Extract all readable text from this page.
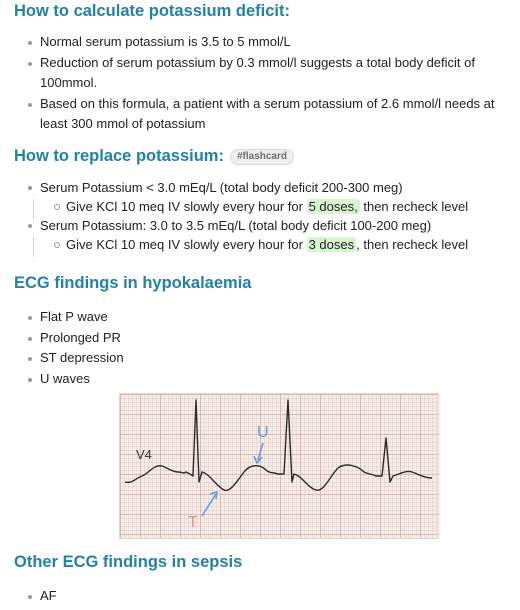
How to calculate potassium deficit:
Normal serum potassium is 3.5 to 5 mmol/L
Reduction of serum potassium by 0.3 mmol/l suggests a total body deficit of 100mmol.
Based on this formula, a patient with a serum potassium of 2.6 mmol/l needs at least 300 mmol of potassium
How to replace potassium: #flashcard
Serum Potassium < 3.0 mEq/L (total body deficit 200-300 meg)
Give KCl 10 meq IV slowly every hour for 5 doses, then recheck level
Serum Potassium: 3.0 to 3.5 mEq/L (total body deficit 100-200 meg)
Give KCl 10 meq IV slowly every hour for 3 doses , then recheck level
ECG findings in hypokalaemia
Flat P wave
Prolonged PR
ST depression
U waves
V4
U
T
Other ECG findings in sepsis
AF
